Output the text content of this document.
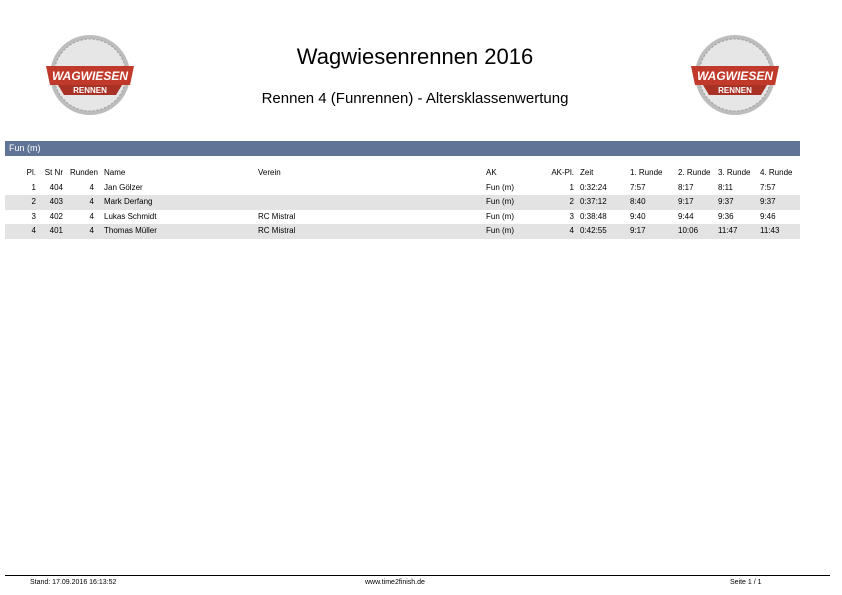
WAGWIESEN
RENNEN
WAGWIESEN
RENNEN
Wagwiesenrennen 2016
Rennen 4 (Funrennen) - Altersklassenwertung
Fun (m)
Pl.	St Nr	Runden	Name	Verein	AK	AK-Pl.	Zeit	1. Runde	2. Runde	3. Runde	4. Runde
1	404	4	Jan Gölzer		Fun (m)	1	0:32:24	7:57	8:17	8:11	7:57
2	403	4	Mark Derfang		Fun (m)	2	0:37:12	8:40	9:17	9:37	9:37
3	402	4	Lukas Schmidt	RC Mistral	Fun (m)	3	0:38:48	9:40	9:44	9:36	9:46
4	401	4	Thomas Müller	RC Mistral	Fun (m)	4	0:42:55	9:17	10:06	11:47	11:43
Stand: 17.09.2016 16:13:52	www.time2finish.de	Seite 1 / 1
